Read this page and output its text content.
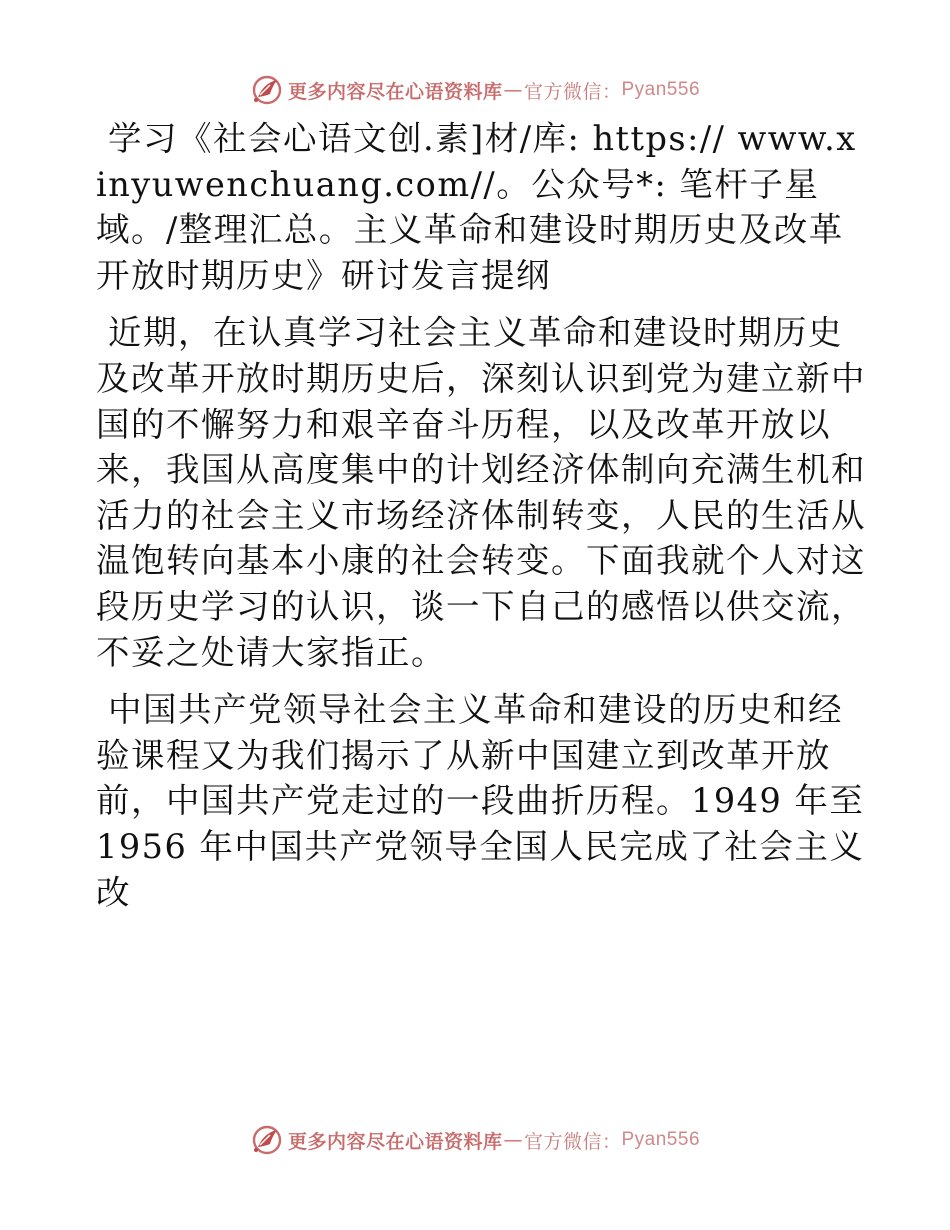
更多内容尽在心语资料库 — 官方微信： Pyan556

学习《社会心语文创.素]材/库: https:// www.xinyuwenchuang.com//。公众号*: 笔杆子星域。/整理汇总。主义革命和建设时期历史及改革开放时期历史》研讨发言提纲

近期，在认真学习社会主义革命和建设时期历史及改革开放时期历史后，深刻认识到党为建立新中国的不懈努力和艰辛奋斗历程，以及改革开放以来，我国从高度集中的计划经济体制向充满生机和活力的社会主义市场经济体制转变，人民的生活从温饱转向基本小康的社会转变。下面我就个人对这段历史学习的认识，谈一下自己的感悟以供交流，不妥之处请大家指正。

中国共产党领导社会主义革命和建设的历史和经验课程又为我们揭示了从新中国建立到改革开放前，中国共产党走过的一段曲折历程。1949 年至1956 年中国共产党领导全国人民完成了社会主义改

更多内容尽在心语资料库 — 官方微信： Pyan556
